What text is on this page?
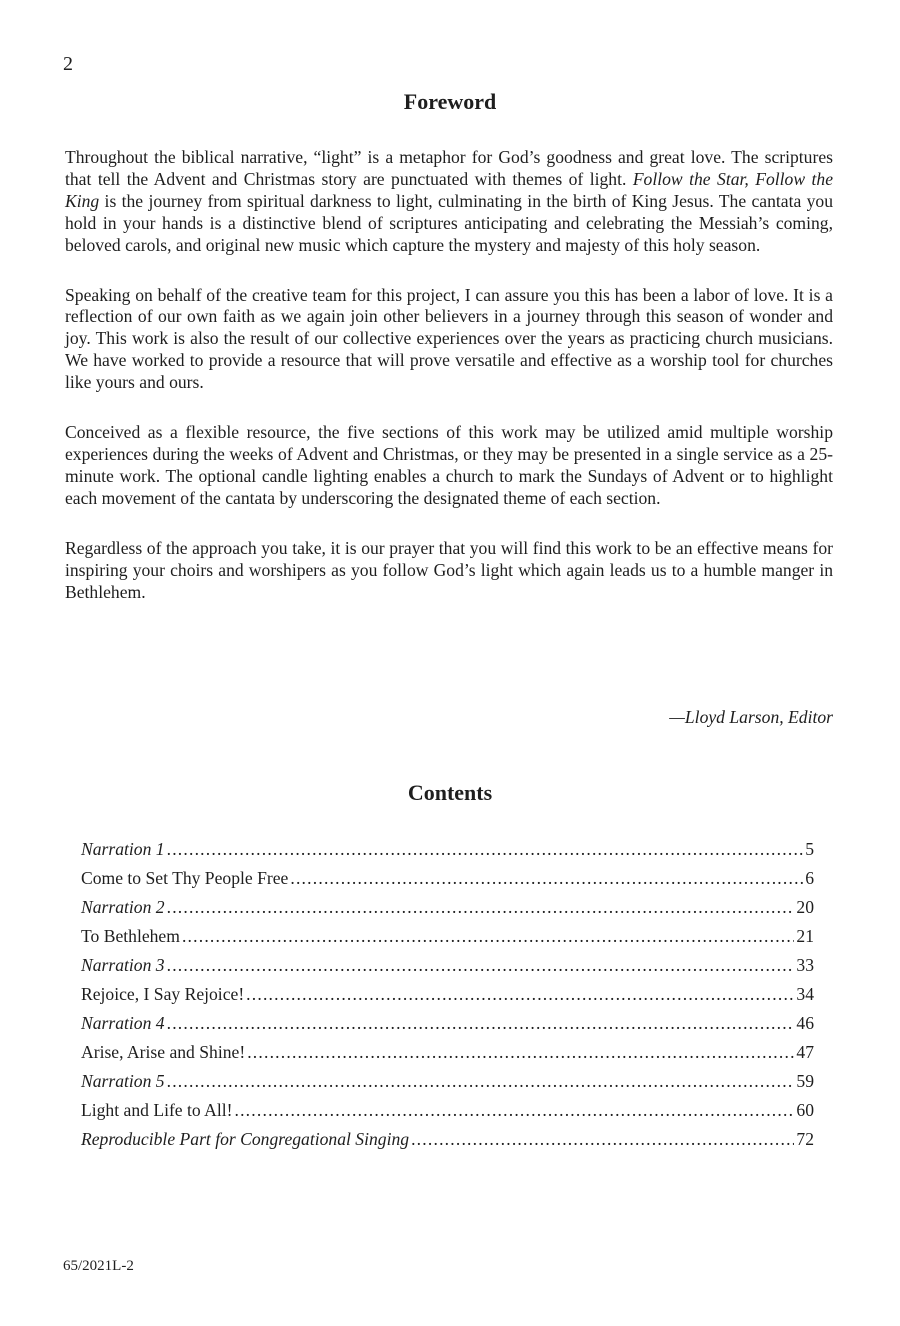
2
Foreword

Throughout the biblical narrative, “light” is a metaphor for God’s goodness and great love. The scriptures that tell the Advent and Christmas story are punctuated with themes of light. Follow the Star, Follow the King is the journey from spiritual darkness to light, culminating in the birth of King Jesus. The cantata you hold in your hands is a distinctive blend of scriptures anticipating and celebrating the Messiah’s coming, beloved carols, and original new music which capture the mystery and majesty of this holy season.

Speaking on behalf of the creative team for this project, I can assure you this has been a labor of love. It is a reflection of our own faith as we again join other believers in a journey through this season of wonder and joy. This work is also the result of our collective experiences over the years as practicing church musicians. We have worked to provide a resource that will prove versatile and effective as a worship tool for churches like yours and ours.

Conceived as a flexible resource, the five sections of this work may be utilized amid multiple worship experiences during the weeks of Advent and Christmas, or they may be presented in a single service as a 25-minute work. The optional candle lighting enables a church to mark the Sundays of Advent or to highlight each movement of the cantata by underscoring the designated theme of each section.

Regardless of the approach you take, it is our prayer that you will find this work to be an effective means for inspiring your choirs and worshipers as you follow God’s light which again leads us to a humble manger in Bethlehem.

—Lloyd Larson, Editor
Contents
Narration 1 . . .	5
Come to Set Thy People Free . . .	6
Narration 2 . . .	20
To Bethlehem . . .	21
Narration 3 . . .	33
Rejoice, I Say Rejoice! . . .	34
Narration 4 . . .	46
Arise, Arise and Shine! . . .	47
Narration 5 . . .	59
Light and Life to All! . . .	60
Reproducible Part for Congregational Singing . . .	72
65/2021L-2
